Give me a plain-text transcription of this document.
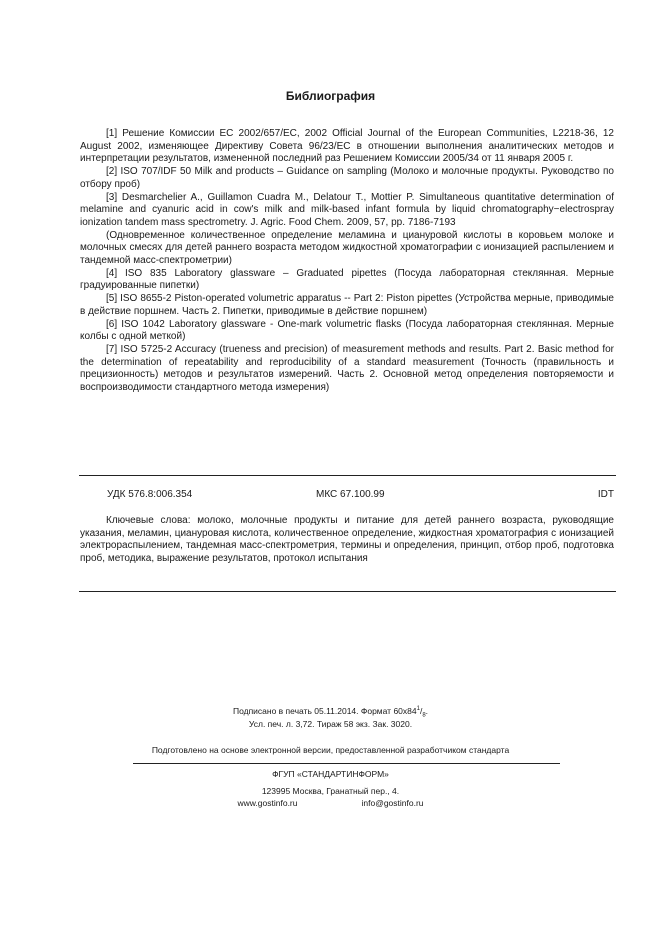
Библиография

[1] Решение Комиссии ЕС 2002/657/ЕС, 2002 Official Journal of the European Communities, L2218-36, 12 August 2002, изменяющее Директиву Совета 96/23/ЕС в отношении выполнения аналитических методов и интерпретации результатов, измененной последний раз Решением Комиссии 2005/34 от 11 января 2005 г.

[2] ISO 707/IDF 50 Milk and products – Guidance on sampling (Молоко и молочные продукты. Руководство по отбору проб)

[3] Desmarchelier A., Guillamon Cuadra M., Delatour T., Mottier P. Simultaneous quantitative determination of melamine and cyanuric acid in cow's milk and milk-based infant formula by liquid chromatography−electrospray ionization tandem mass spectrometry. J. Agric. Food Chem. 2009, 57, pp. 7186-7193

(Одновременное количественное определение меламина и циануровой кислоты в коровьем молоке и молочных смесях для детей раннего возраста методом жидкостной хроматографии с ионизацией распылением и тандемной масс-спектрометрии)

[4] ISO 835 Laboratory glassware – Graduated pipettes (Посуда лабораторная стеклянная. Мерные градуированные пипетки)

[5] ISO 8655-2 Piston-operated volumetric apparatus -- Part 2: Piston pipettes (Устройства мерные, приводимые в действие поршнем. Часть 2. Пипетки, приводимые в действие поршнем)

[6] ISO 1042 Laboratory glassware - One-mark volumetric flasks (Посуда лабораторная стеклянная. Мерные колбы с одной меткой)

[7] ISO 5725-2 Accuracy (trueness and precision) of measurement methods and results. Part 2. Basic method for the determination of repeatability and reproducibility of a standard measurement (Точность (правильность и прецизионность) методов и результатов измерений. Часть 2. Основной метод определения повторяемости и воспроизводимости стандартного метода измерения)

УДК 576.8:006.354	МКС 67.100.99	IDT

Ключевые слова: молоко, молочные продукты и питание для детей раннего возраста, руководящие указания, меламин, циануровая кислота, количественное определение, жидкостная хроматография с ионизацией электрораспылением, тандемная масс-спектрометрия, термины и определения, принцип, отбор проб, подготовка проб, методика, выражение результатов, протокол испытания

Подписано в печать 05.11.2014. Формат $60x84^1/_8$.
Усл. печ. л. 3,72. Тираж 58 экз. Зак. 3020.
Подготовлено на основе электронной версии, предоставленной разработчиком стандарта
ФГУП «СТАНДАРТИНФОРМ»
123995 Москва, Гранатный пер., 4.
www.gostinfo.ru	info@gostinfo.ru
